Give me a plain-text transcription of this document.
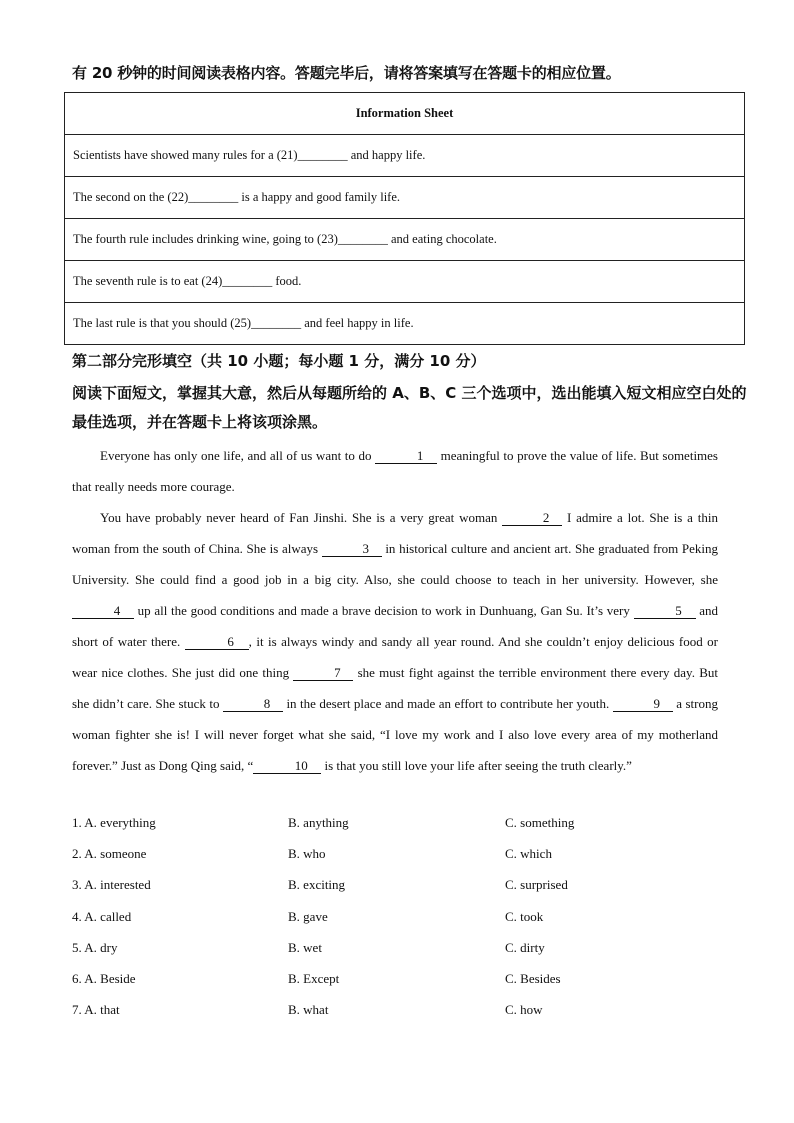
有 20 秒钟的时间阅读表格内容。答题完毕后，请将答案填写在答题卡的相应位置。
Information Sheet
Scientists have showed many rules for a (21)________ and happy life.
The second on the (22)________ is a happy and good family life.
The fourth rule includes drinking wine, going to (23)________ and eating chocolate.
The seventh rule is to eat (24)________ food.
The last rule is that you should (25)________ and feel happy in life.
第二部分完形填空（共 10 小题；每小题 1 分，满分 10 分）
阅读下面短文，掌握其大意，然后从每题所给的 A、B、C 三个选项中，选出能填入短文相应空白处的最佳选项，并在答题卡上将该项涂黑。

Everyone has only one life, and all of us want to do	1 meaningful to prove the value of life. But sometimes that really needs more courage.

You have probably never heard of Fan Jinshi. She is a very great woman	2 I admire a lot. She is a thin woman from the south of China. She is always	3 in historical culture and ancient art. She graduated from Peking University. She could find a good job in a big city. Also, she could choose to teach in her university. However, she 4 up all the good conditions and made a brave decision to work in Dunhuang, Gan Su. It’s very	5 and short of water there.	6 , it is always windy and sandy all year round. And she couldn’t enjoy delicious food or wear nice clothes. She just did one thing	7 she must fight against the terrible environment there every day. But she didn’t care. She stuck to	8 in the desert place and made an effort to contribute her youth.	9 a strong woman fighter she is! I will never forget what she said, “I love my work and I also love every area of my motherland forever.” Just as Dong Qing said, “	10 is that you still love your life after seeing the truth clearly.”

1. A. everything	B. anything	C. something
2. A. someone	B. who	C. which
3. A. interested	B. exciting	C. surprised
4. A. called	B. gave	C. took
5. A. dry	B. wet	C. dirty
6. A. Beside	B. Except	C. Besides
7. A. that	B. what	C. how
